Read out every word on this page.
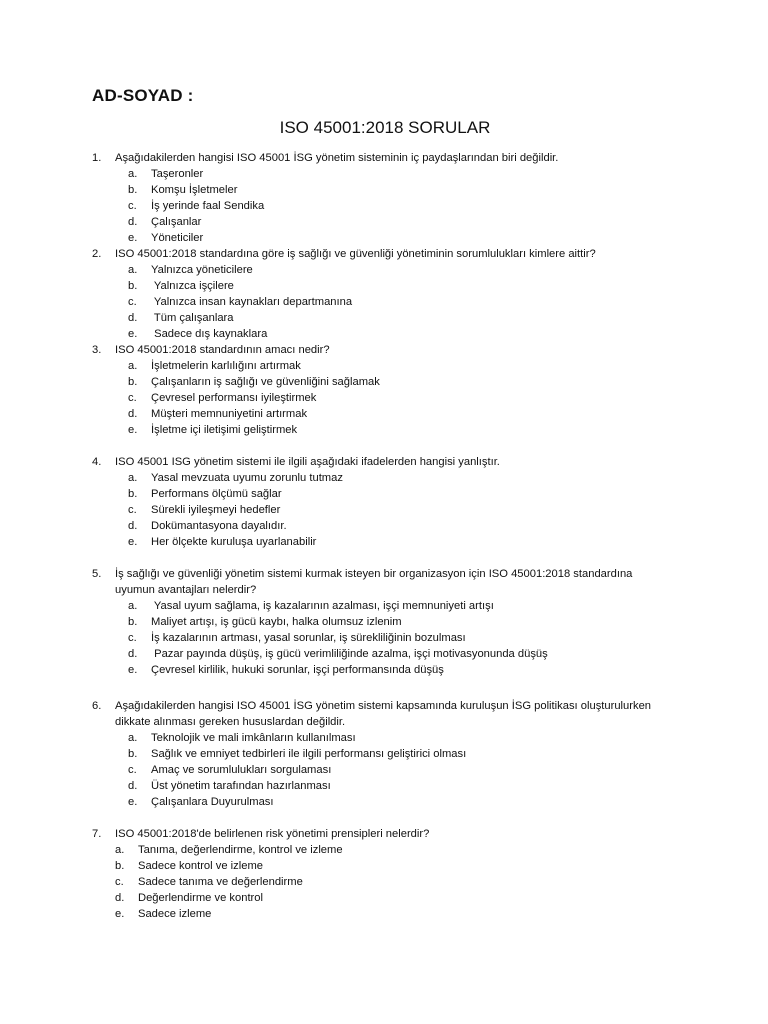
AD-SOYAD :
ISO 45001:2018 SORULAR
1. Aşağıdakilerden hangisi ISO 45001 İSG yönetim sisteminin iç paydaşlarından biri değildir.
a. Taşeronler
b. Komşu İşletmeler
c. İş yerinde faal Sendika
d. Çalışanlar
e. Yöneticiler
2. ISO 45001:2018 standardına göre iş sağlığı ve güvenliği yönetiminin sorumlulukları kimlere aittir?
a. Yalnızca yöneticilere
b. Yalnızca işçilere
c. Yalnızca insan kaynakları departmanına
d. Tüm çalışanlara
e. Sadece dış kaynaklara
3. ISO 45001:2018 standardının amacı nedir?
a. İşletmelerin karlılığını artırmak
b. Çalışanların iş sağlığı ve güvenliğini sağlamak
c. Çevresel performansı iyileştirmek
d. Müşteri memnuniyetini artırmak
e. İşletme içi iletişimi geliştirmek
4. ISO 45001 ISG yönetim sistemi ile ilgili aşağıdaki ifadelerden hangisi yanlıştır.
a. Yasal mevzuata uyumu zorunlu tutmaz
b. Performans ölçümü sağlar
c. Sürekli iyileşmeyi hedefler
d. Dokümantasyona dayalıdır.
e. Her ölçekte kuruluşa uyarlanabilir
5. İş sağlığı ve güvenliği yönetim sistemi kurmak isteyen bir organizasyon için ISO 45001:2018 standardına uyumun avantajları nelerdir?
a. Yasal uyum sağlama, iş kazalarının azalması, işçi memnuniyeti artışı
b. Maliyet artışı, iş gücü kaybı, halka olumsuz izlenim
c. İş kazalarının artması, yasal sorunlar, iş sürekliliğinin bozulması
d. Pazar payında düşüş, iş gücü verimliliğinde azalma, işçi motivasyonunda düşüş
e. Çevresel kirlilik, hukuki sorunlar, işçi performansında düşüş
6. Aşağıdakilerden hangisi ISO 45001 İSG yönetim sistemi kapsamında kuruluşun İSG politikası oluşturulurken dikkate alınması gereken hususlardan değildir.
a. Teknolojik ve mali imkânların kullanılması
b. Sağlık ve emniyet tedbirleri ile ilgili performansı geliştirici olması
c. Amaç ve sorumlulukları sorgulaması
d. Üst yönetim tarafından hazırlanması
e. Çalışanlara Duyurulması
7. ISO 45001:2018'de belirlenen risk yönetimi prensipleri nelerdir?
a. Tanıma, değerlendirme, kontrol ve izleme
b. Sadece kontrol ve izleme
c. Sadece tanıma ve değerlendirme
d. Değerlendirme ve kontrol
e. Sadece izleme
